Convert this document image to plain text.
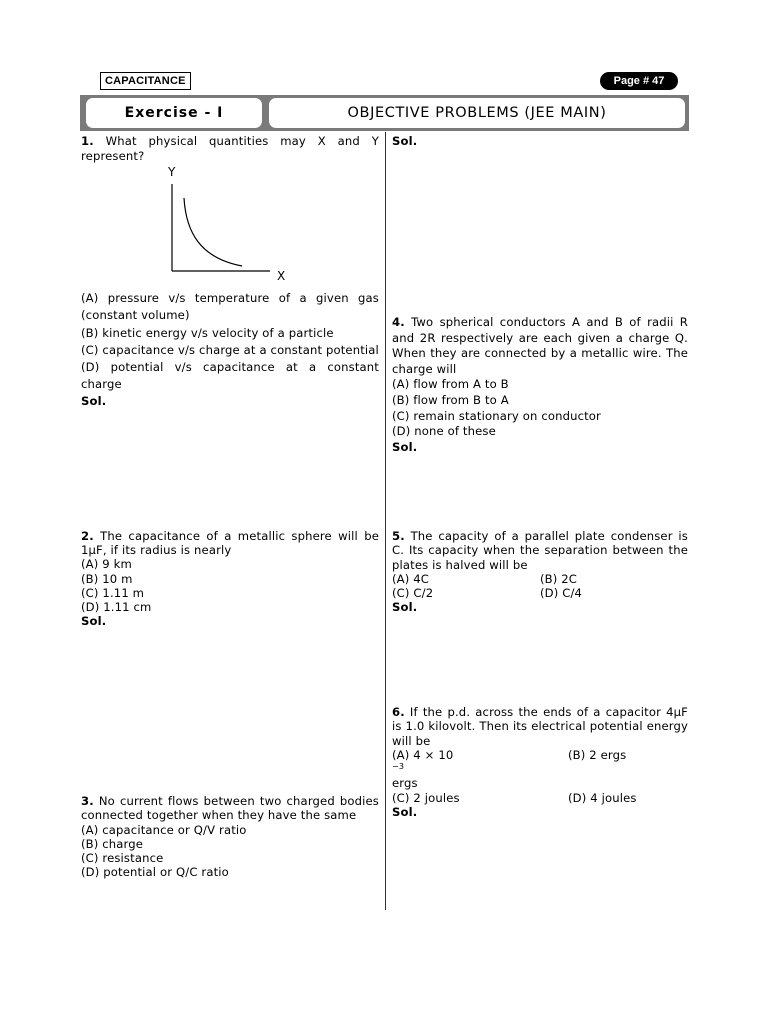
CAPACITANCE	Page # 47
Exercise - I	OBJECTIVE PROBLEMS (JEE MAIN)

1. What physical quantities may X and Y represent?

Y
X

(A) pressure v/s temperature of a given gas (constant volume)

(B) kinetic energy v/s velocity of a particle

(C) capacitance v/s charge at a constant potential

(D) potential v/s capacitance at a constant charge

Sol.

2. The capacitance of a metallic sphere will be 1μF, if its radius is nearly

(A) 9 km

(B) 10 m

(C) 1.11 m

(D) 1.11 cm

Sol.

3. No current flows between two charged bodies connected together when they have the same

(A) capacitance or Q/V ratio

(B) charge

(C) resistance

(D) potential or Q/C ratio

Sol.

4. Two spherical conductors A and B of radii R and 2R respectively are each given a charge Q. When they are connected by a metallic wire. The charge will

(A) flow from A to B

(B) flow from B to A

(C) remain stationary on conductor

(D) none of these

Sol.

5. The capacity of a parallel plate condenser is C. Its capacity when the separation between the plates is halved will be

(A) 4C	(B) 2C
(C) C/2	(D) C/4

Sol.

6. If the p.d. across the ends of a capacitor 4μF is 1.0 kilovolt. Then its electrical potential energy will be

(A) 4 × 10
$^{-3}$
ergs
(B) 2 ergs
(C) 2 joules	(D) 4 joules

Sol.
